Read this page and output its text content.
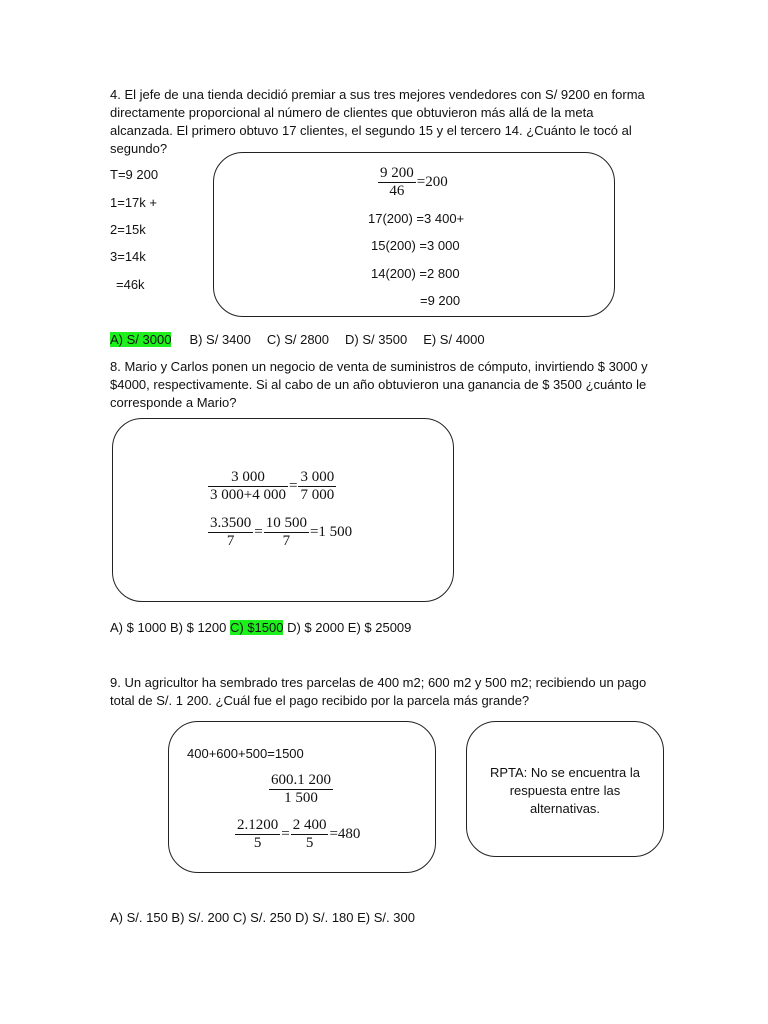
4. El jefe de una tienda decidió premiar a sus tres mejores vendedores con S/ 9200 en forma directamente proporcional al número de clientes que obtuvieron más allá de la meta alcanzada. El primero obtuvo 17 clientes, el segundo 15 y el tercero 14. ¿Cuánto le tocó al segundo?
T=9 200
1=17k +
2=15k
3=14k
=46k
$\frac{9 200}{46} =200$
17(200) =3 400+
15(200) =3 000
14(200) =2 800
=9 200
A) S/ 3000 B) S/ 3400 C) S/ 2800 D) S/ 3500 E) S/ 4000
8. Mario y Carlos ponen un negocio de venta de suministros de cómputo, invirtiendo $ 3000 y $4000, respectivamente. Si al cabo de un año obtuvieron una ganancia de $ 3500 ¿cuánto le corresponde a Mario?
$\frac{3 000}{3 000+4 000} = \frac{3 000}{7 000}$
$\frac{3.3500}{7} = \frac{10 500}{7} =1$ 500
A) $ 1000 B) $ 1200 C) $1500 D) $ 2000 E) $ 25009
9. Un agricultor ha sembrado tres parcelas de 400 m2; 600 m2 y 500 m2; recibiendo un pago total de S/. 1 200. ¿Cuál fue el pago recibido por la parcela más grande?
400+600+500=1500
$\frac{600.1 200}{1 500}$
$\frac{2.1200}{5} = \frac{2 400}{5} =480$
RPTA: No se encuentra la respuesta entre las alternativas.
A) S/. 150 B) S/. 200 C) S/. 250 D) S/. 180 E) S/. 300
